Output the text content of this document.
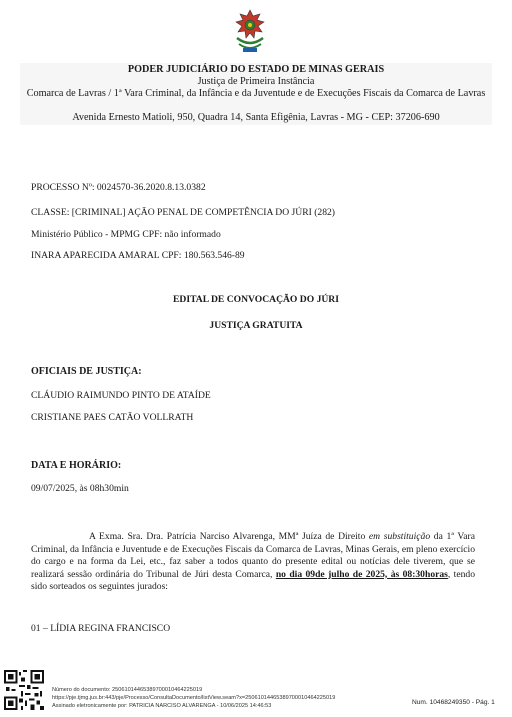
PODER JUDICIÁRIO DO ESTADO DE MINAS GERAIS
Justiça de Primeira Instância
Comarca de Lavras / 1ª Vara Criminal, da Infância e da Juventude e de Execuções Fiscais da Comarca de Lavras
Avenida Ernesto Matioli, 950, Quadra 14, Santa Efigênia, Lavras - MG - CEP: 37206-690
PROCESSO Nº: 0024570-36.2020.8.13.0382
CLASSE: [CRIMINAL] AÇÃO PENAL DE COMPETÊNCIA DO JÚRI (282)
Ministério Público - MPMG CPF: não informado
INARA APARECIDA AMARAL CPF: 180.563.546-89
EDITAL DE CONVOCAÇÃO DO JÚRI
JUSTIÇA GRATUITA
OFICIAIS DE JUSTIÇA:
CLÁUDIO RAIMUNDO PINTO DE ATAÍDE
CRISTIANE PAES CATÃO VOLLRATH
DATA E HORÁRIO:
09/07/2025, às 08h30min
A Exma. Sra. Dra. Patrícia Narciso Alvarenga, MMª Juíza de Direito em substituição da 1ª Vara Criminal, da Infância e Juventude e de Execuções Fiscais da Comarca de Lavras, Minas Gerais, em pleno exercício do cargo e na forma da Lei, etc., faz saber a todos quanto do presente edital ou notícias dele tiverem, que se realizará sessão ordinária do Tribunal de Júri desta Comarca, no dia 09de julho de 2025, às 08:30horas, tendo sido sorteados os seguintes jurados:
01 – LÍDIA REGINA FRANCISCO
Número do documento: 25061014465389700010464225019
https://pje.tjmg.jus.br:443/pje/Processo/ConsultaDocumento/listView.seam?x=25061014465389700010464225019
Assinado eletronicamente por: PATRICIA NARCISO ALVARENGA - 10/06/2025 14:46:53	Num. 10468249350 - Pág. 1
